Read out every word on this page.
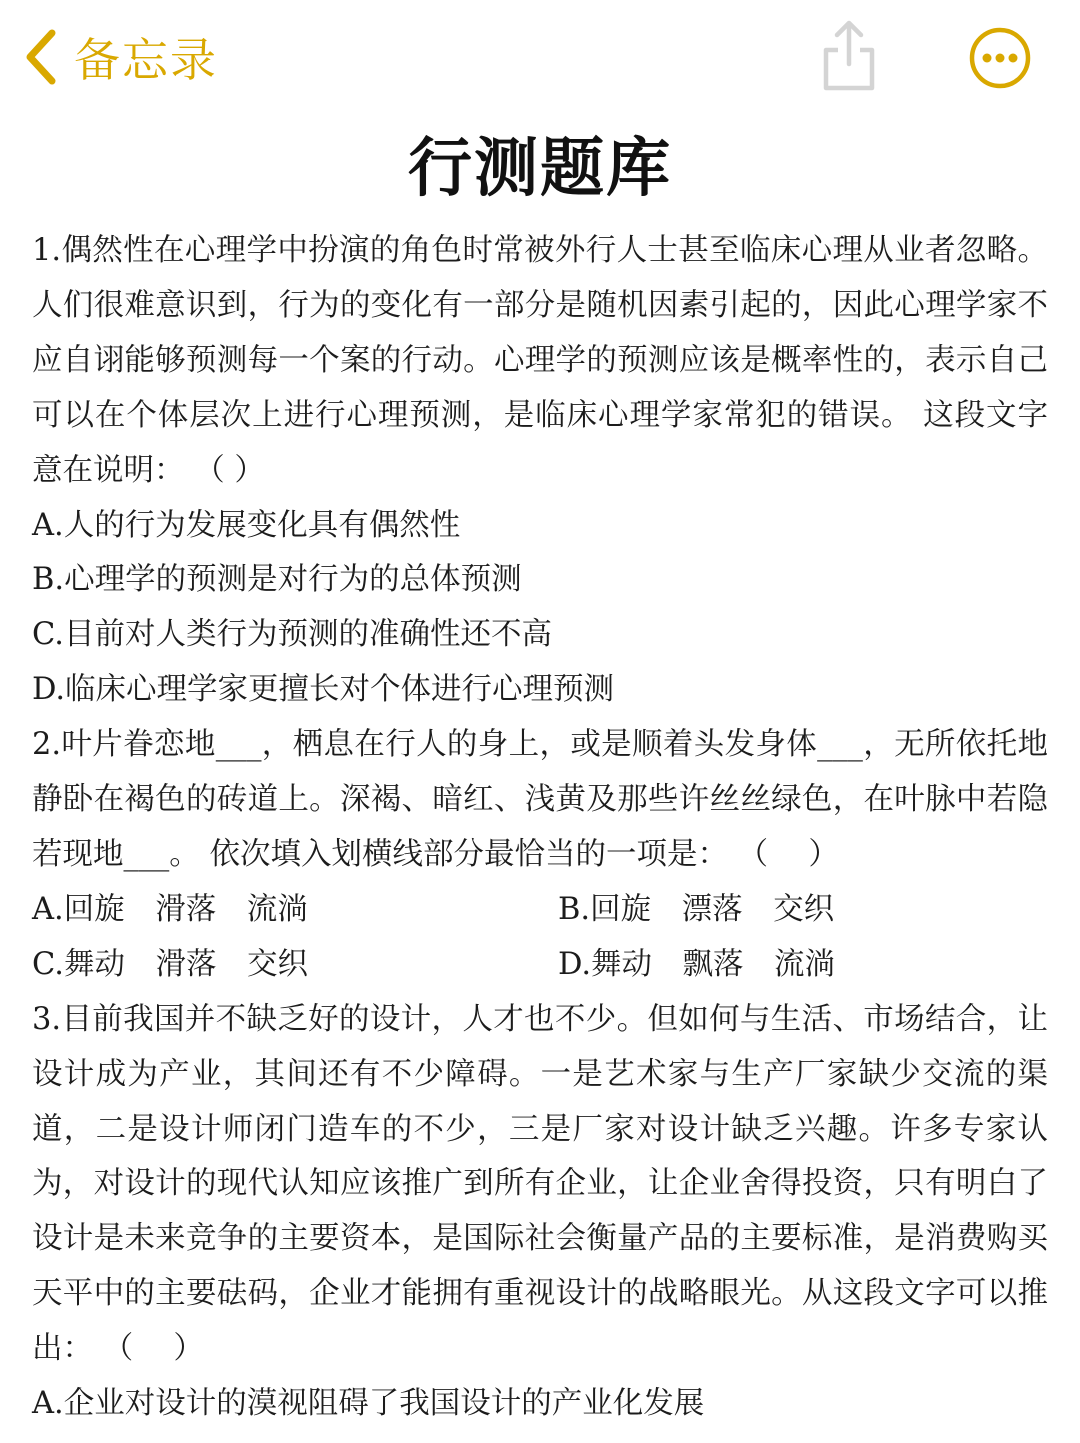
备忘录
行测题库

1.偶然性在心理学中扮演的角色时常被外行人士甚至临床心理从业者忽略。人们很难意识到，行为的变化有一部分是随机因素引起的，因此心理学家不应自诩能够预测每一个案的行动。心理学的预测应该是概率性的，表示自己可以在个体层次上进行心理预测，是临床心理学家常犯的错误。 这段文字意在说明： （ ）

A.人的行为发展变化具有偶然性

B.心理学的预测是对行为的总体预测

C.目前对人类行为预测的准确性还不高

D.临床心理学家更擅长对个体进行心理预测

2.叶片眷恋地___，栖息在行人的身上，或是顺着头发身体___，无所依托地静卧在褐色的砖道上。深褐、暗红、浅黄及那些许丝丝绿色，在叶脉中若隐若现地___。 依次填入划横线部分最恰当的一项是： （　 ）

A.回旋　滑落　流淌	B.回旋　漂落　交织
C.舞动　滑落　交织	D.舞动　飘落　流淌

3.目前我国并不缺乏好的设计，人才也不少。但如何与生活、市场结合，让设计成为产业，其间还有不少障碍。一是艺术家与生产厂家缺少交流的渠道，二是设计师闭门造车的不少，三是厂家对设计缺乏兴趣。许多专家认为，对设计的现代认知应该推广到所有企业，让企业舍得投资，只有明白了设计是未来竞争的主要资本，是国际社会衡量产品的主要标准，是消费购买天平中的主要砝码，企业才能拥有重视设计的战略眼光。从这段文字可以推出： （　 ）

A.企业对设计的漠视阻碍了我国设计的产业化发展
